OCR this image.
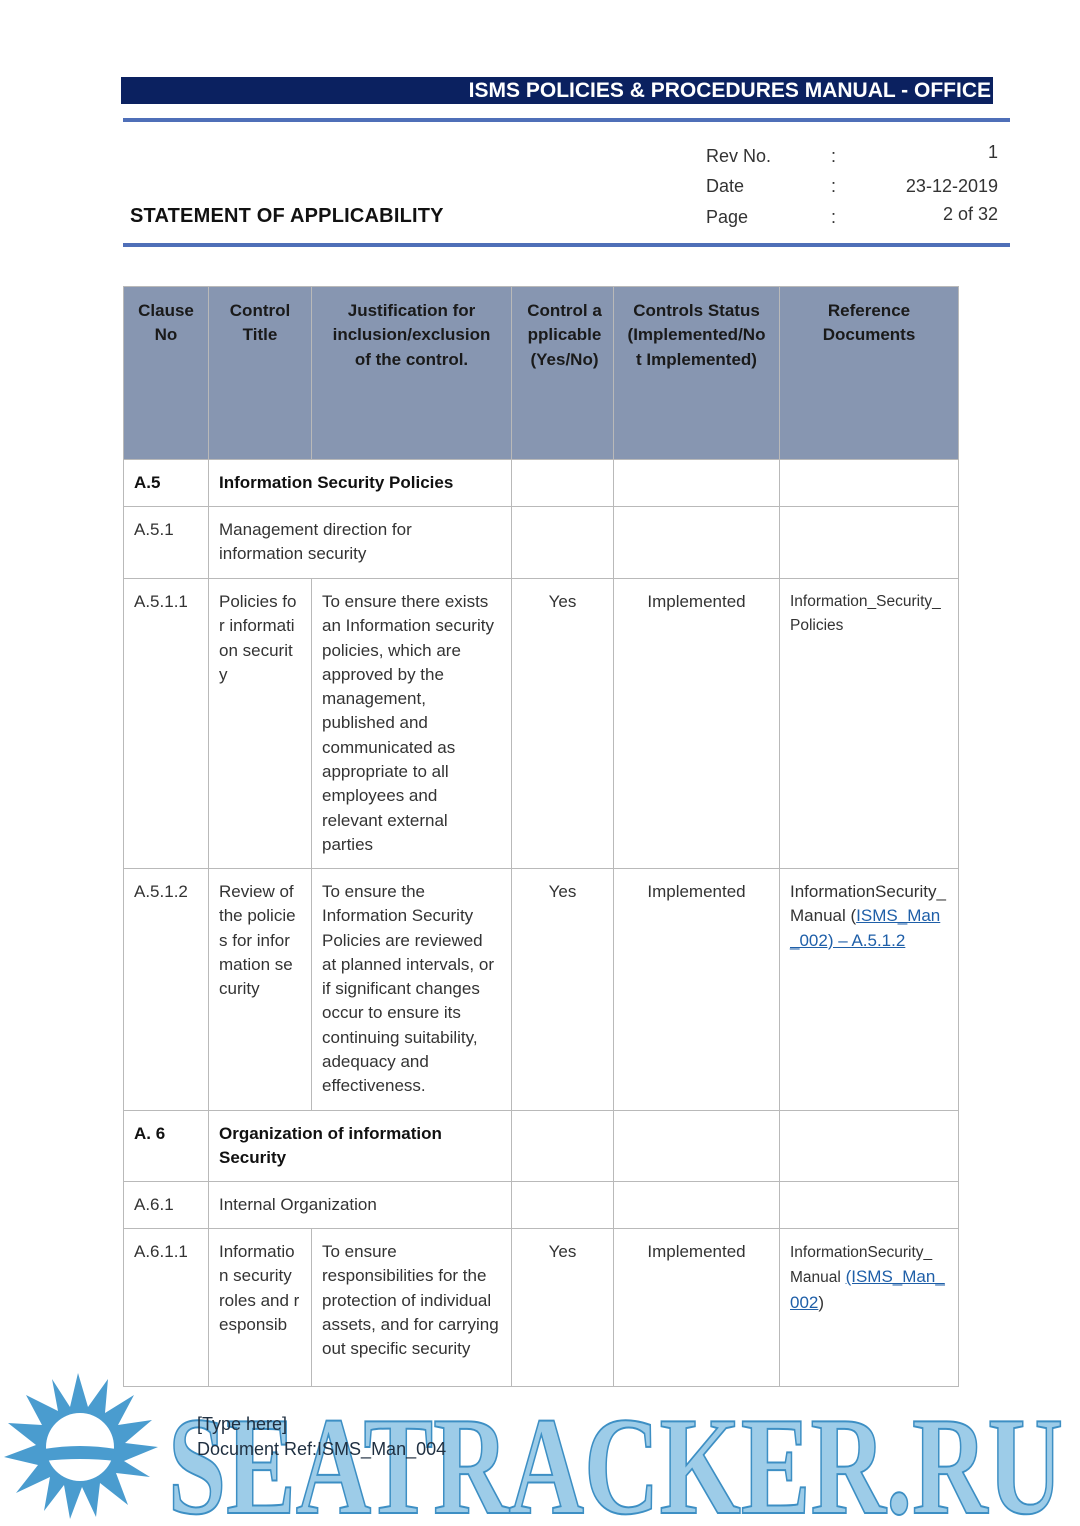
ISMS POLICIES & PROCEDURES MANUAL - OFFICE
STATEMENT OF APPLICABILITY
Rev No.	:	1
Date	:	23-12-2019
Page	:	2 of 32
Clause No	Control Title	Justification for inclusion/exclusion of the control.	Control applicable (Yes/No)	Controls Status (Implemented/Not Implemented)	Reference Documents
A.5	Information Security Policies				
A.5.1	Management direction for information security				
A.5.1.1	Policies for information security	To ensure there exists an Information security policies, which are approved by the management, published and communicated as appropriate to all employees and relevant external parties	Yes	Implemented	Information_Security_Policies
A.5.1.2	Review of the policies for information security	To ensure the Information Security Policies are reviewed at planned intervals, or if significant changes occur to ensure its continuing suitability, adequacy and effectiveness.	Yes	Implemented	InformationSecurity_ Manual (ISMS_Man_002) – A.5.1.2
A. 6	Organization of information Security				
A.6.1	Internal Organization				
A.6.1.1	Information security roles and responsib	To ensure responsibilities for the protection of individual assets, and for carrying out specific security	Yes	Implemented	InformationSecurity_ Manual (ISMS_Man_002)
SEATRACKER.RU
[Type here]
Document Ref:ISMS_Man_004
